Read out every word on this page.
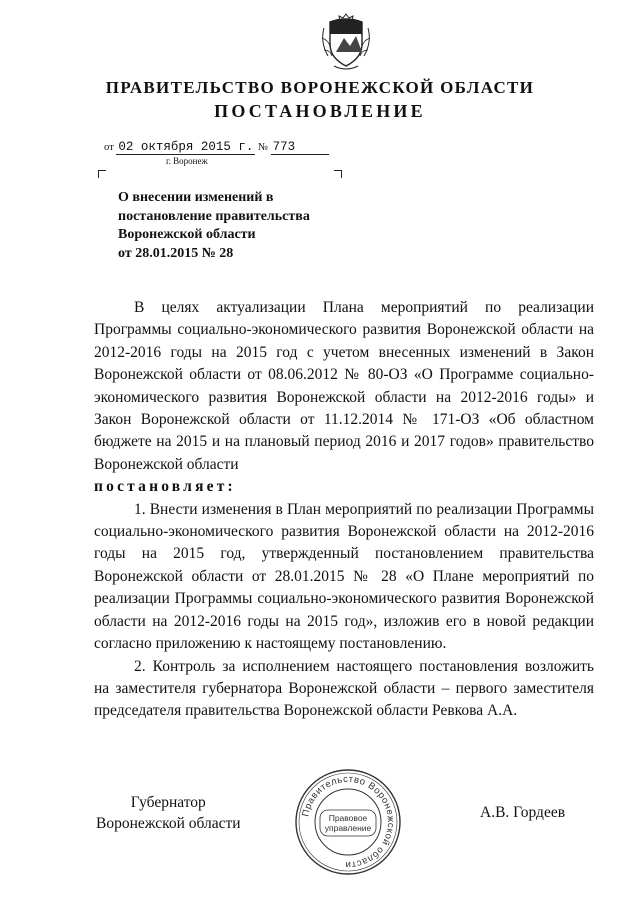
ПРАВИТЕЛЬСТВО ВОРОНЕЖСКОЙ ОБЛАСТИ
ПОСТАНОВЛЕНИЕ
от 02 октября 2015 г. № 773
г. Воронеж
О внесении изменений в
постановление правительства
Воронежской области
от 28.01.2015 № 28

В целях актуализации Плана мероприятий по реализации Программы социально-экономического развития Воронежской области на 2012-2016 годы на 2015 год с учетом внесенных изменений в Закон Воронежской области от 08.06.2012 № 80-ОЗ «О Программе социально-экономического развития Воронежской области на 2012-2016 годы» и Закон Воронежской области от 11.12.2014 № 171-ОЗ «Об областном бюджете на 2015 и на плановый период 2016 и 2017 годов» правительство Воронежской области

постановляет:

1. Внести изменения в План мероприятий по реализации Программы социально-экономического развития Воронежской области на 2012-2016 годы на 2015 год, утвержденный постановлением правительства Воронежской области от 28.01.2015 № 28 «О Плане мероприятий по реализации Программы социально-экономического развития Воронежской области на 2012-2016 годы на 2015 год», изложив его в новой редакции согласно приложению к настоящему постановлению.

2. Контроль за исполнением настоящего постановления возложить на заместителя губернатора Воронежской области – первого заместителя председателя правительства Воронежской области Ревкова А.А.

Губернатор
Воронежской области
Правительство Воронежской области
Правовое
управление
А.В. Гордеев
